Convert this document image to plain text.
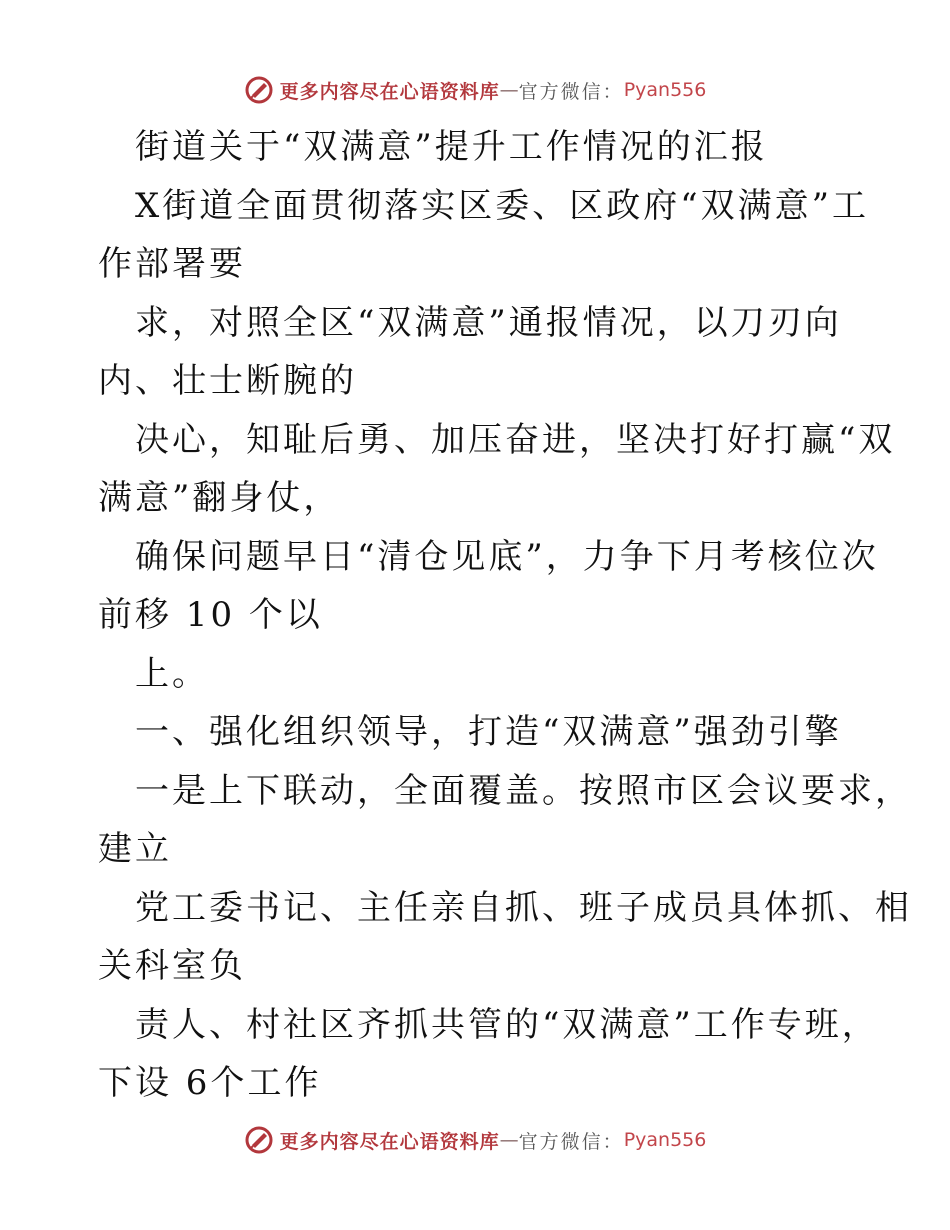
更多内容尽在心语资料库 — 官方微信： Pyan556
街道关于“双满意”提升工作情况的汇报
X街道全面贯彻落实区委、区政府“双满意”工
作部署要
求，对照全区“双满意”通报情况，以刀刃向
内、壮士断腕的
决心，知耻后勇、加压奋进，坚决打好打赢“双
满意”翻身仗，
确保问题早日“清仓见底”，力争下月考核位次
前移 10 个以
上。
一、强化组织领导，打造“双满意”强劲引擎
一是上下联动，全面覆盖。按照市区会议要求，
建立
党工委书记、主任亲自抓、班子成员具体抓、相
关科室负
责人、村社区齐抓共管的“双满意”工作专班，
下设 6个工作
更多内容尽在心语资料库 — 官方微信： Pyan556
